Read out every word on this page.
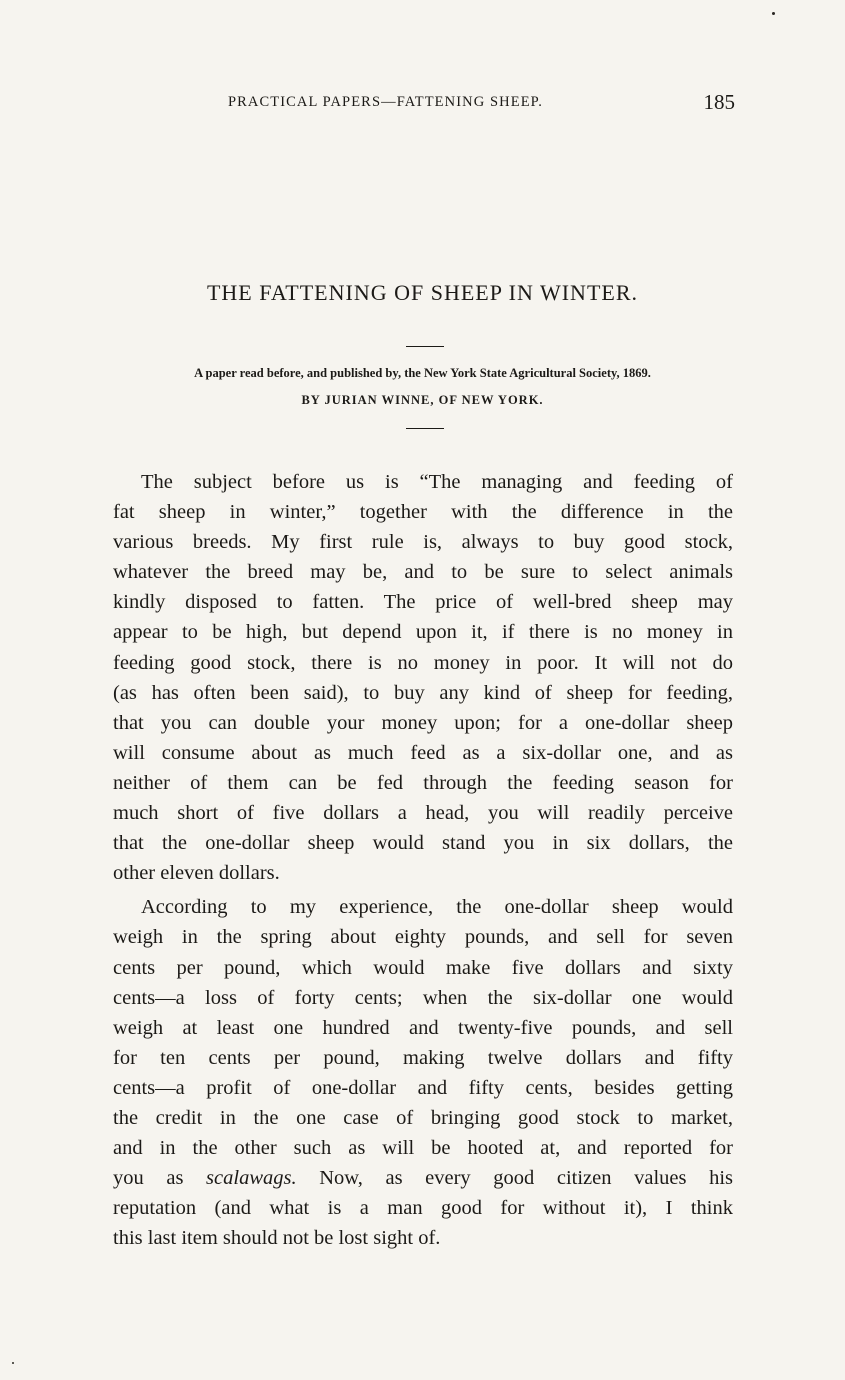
PRACTICAL PAPERS—FATTENING SHEEP.	185
THE FATTENING OF SHEEP IN WINTER.
A paper read before, and published by, the New York State Agricultural Society, 1869.
BY JURIAN WINNE, OF NEW YORK.
The subject before us is “The managing and feeding of
fat sheep in winter,” together with the difference in the
various breeds. My first rule is, always to buy good stock,
whatever the breed may be, and to be sure to select animals
kindly disposed to fatten. The price of well-bred sheep may
appear to be high, but depend upon it, if there is no money in
feeding good stock, there is no money in poor. It will not do
(as has often been said), to buy any kind of sheep for feeding,
that you can double your money upon; for a one-dollar sheep
will consume about as much feed as a six-dollar one, and as
neither of them can be fed through the feeding season for
much short of five dollars a head, you will readily perceive
that the one-dollar sheep would stand you in six dollars, the
other eleven dollars.
According to my experience, the one-dollar sheep would
weigh in the spring about eighty pounds, and sell for seven
cents per pound, which would make five dollars and sixty
cents—a loss of forty cents; when the six-dollar one would
weigh at least one hundred and twenty-five pounds, and sell
for ten cents per pound, making twelve dollars and fifty
cents—a profit of one-dollar and fifty cents, besides getting
the credit in the one case of bringing good stock to market,
and in the other such as will be hooted at, and reported for
you as scalawags. Now, as every good citizen values his
reputation (and what is a man good for without it), I think
this last item should not be lost sight of.
